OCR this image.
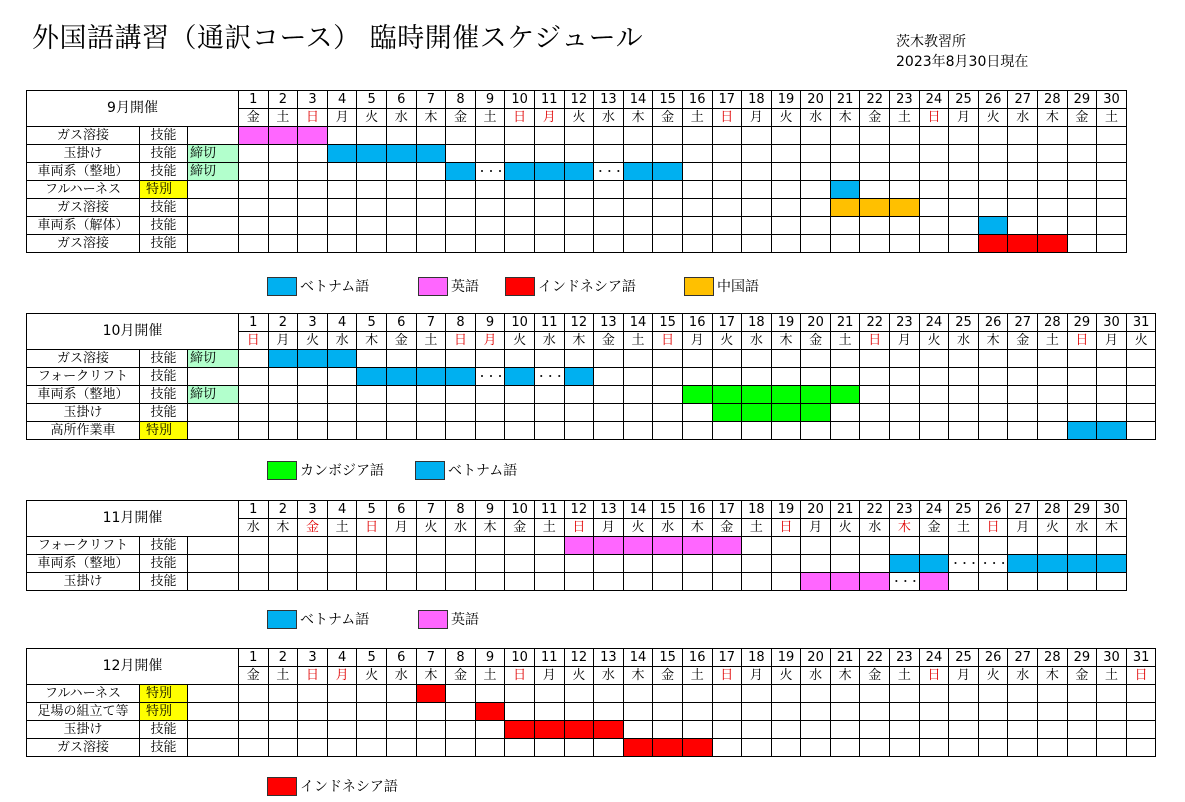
外国語講習（通訳コース） 臨時開催スケジュール	茨木教習所
2023年8月30日現在
9月開催			1	2	3	4	5	6	7	8	9	10	11	12	13	14	15	16	17	18	19	20	21	22	23	24	25	26	27	28	29	30
			金	土	日	月	火	水	木	金	土	日	月	火	水	木	金	土	日	月	火	水	木	金	土	日	月	火	水	木	金	土
ガス溶接	技能																															
玉掛け	技能	締切																														
車両系（整地）	技能	締切									・・・				・・・																	
フルハーネス	特別																															
ガス溶接	技能																															
車両系（解体）	技能																															
ガス溶接	技能																															
ベトナム語	英語	インドネシア語	中国語
10月開催			1	2	3	4	5	6	7	8	9	10	11	12	13	14	15	16	17	18	19	20	21	22	23	24	25	26	27	28	29	30	31
			日	月	火	水	木	金	土	日	月	火	水	木	金	土	日	月	火	水	木	金	土	日	月	火	水	木	金	土	日	月	火
ガス溶接	技能	締切																															
フォークリフト	技能										・・・		・・・																				
車両系（整地）	技能	締切																															
玉掛け	技能																																
高所作業車	特別																																
カンボジア語	ベトナム語
11月開催			1	2	3	4	5	6	7	8	9	10	11	12	13	14	15	16	17	18	19	20	21	22	23	24	25	26	27	28	29	30
			水	木	金	土	日	月	火	水	木	金	土	日	月	火	水	木	金	土	日	月	火	水	木	金	土	日	月	火	水	木
フォークリフト	技能																															
車両系（整地）	技能																										・・・	・・・				
玉掛け	技能																								・・・							
ベトナム語	英語
12月開催			1	2	3	4	5	6	7	8	9	10	11	12	13	14	15	16	17	18	19	20	21	22	23	24	25	26	27	28	29	30	31
			金	土	日	月	火	水	木	金	土	日	月	火	水	木	金	土	日	月	火	水	木	金	土	日	月	火	水	木	金	土	日
フルハーネス	特別																																
足場の組立て等	特別																																
玉掛け	技能																																
ガス溶接	技能																																
インドネシア語
